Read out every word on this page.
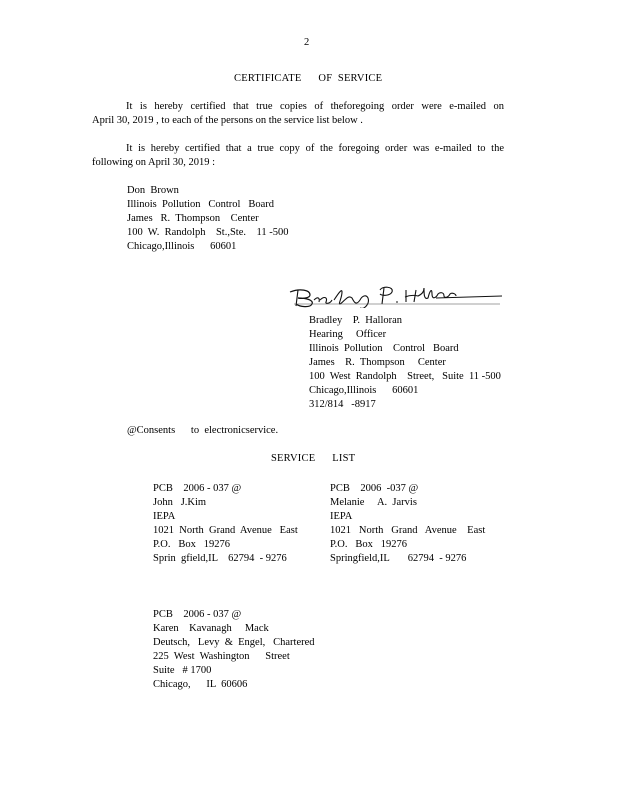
2
CERTIFICATE      OF  SERVICE
It is hereby certified that true copies of theforegoing order were e-mailed on
April 30, 2019 , to each of the persons on the service list below .
It is hereby certified that a true copy of the foregoing order was e-mailed to the
following on April 30, 2019 :
Don  Brown
Illinois  Pollution   Control   Board
James   R.  Thompson    Center
100  W.  Randolph    St.,Ste.    11 -500
Chicago,Illinois      60601
Bradley    P.  Halloran
Hearing     Officer
Illinois  Pollution    Control   Board
James    R.  Thompson     Center
100  West  Randolph    Street,   Suite  11 -500
Chicago,Illinois      60601
312/814   -8917
@Consents      to  electronicservice.
SERVICE      LIST
PCB    2006 - 037 @
John   J.Kim
IEPA
1021  North  Grand  Avenue   East
P.O.   Box   19276
Sprin  gfield,IL    62794  - 9276
PCB    2006  -037 @
Melanie     A.  Jarvis
IEPA
1021   North   Grand   Avenue    East
P.O.   Box   19276
Springfield,IL       62794  - 9276
PCB    2006 - 037 @
Karen    Kavanagh     Mack
Deutsch,   Levy  &  Engel,   Chartered
225  West  Washington      Street
Suite   # 1700
Chicago,      IL  60606
